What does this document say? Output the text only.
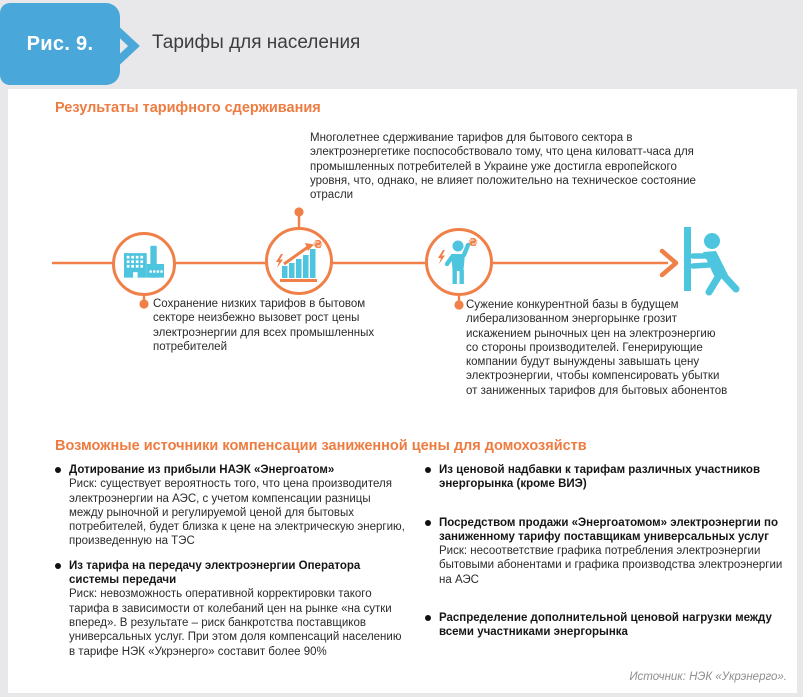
Рис. 9.	Тарифы для населения
Результаты тарифного сдерживания
Многолетнее сдерживание тарифов для бытового сектора в электроэнергетике поспособствовало тому, что цена киловатт-часа для промышленных потребителей в Украине уже достигла европейского уровня, что, однако, не влияет положительно на техническое состояние отрасли
₴	₴
Сохранение низких тарифов в бытовом секторе неизбежно вызовет рост цены электроэнергии для всех промышленных потребителей
Сужение конкурентной базы в будущем либерализованном энергорынке грозит искажением рыночных цен на электроэнергию со стороны производителей. Генерирующие компании будут вынуждены завышать цену электроэнергии, чтобы компенсировать убытки от заниженных тарифов для бытовых абонентов
Возможные источники компенсации заниженной цены для домохозяйств
Дотирование из прибыли НАЭК «Энергоатом»
Риск: существует вероятность того, что цена производителя электроэнергии на АЭС, с учетом компенсации разницы между рыночной и регулируемой ценой для бытовых потребителей, будет близка к цене на электрическую энергию, произведенную на ТЭС
Из тарифа на передачу электроэнергии Оператора системы передачи
Риск: невозможность оперативной корректировки такого тарифа в зависимости от колебаний цен на рынке «на сутки вперед». В результате – риск банкротства поставщиков универсальных услуг. При этом доля компенсаций населению в тарифе НЭК «Укрэнерго» составит более 90%
Из ценовой надбавки к тарифам различных участников энергорынка (кроме ВИЭ)
Посредством продажи «Энергоатомом» электроэнергии по заниженному тарифу поставщикам универсальных услуг
Риск: несоответствие графика потребления электроэнергии бытовыми абонентами и графика производства электроэнергии на АЭС
Распределение дополнительной ценовой нагрузки между всеми участниками энергорынка
Источник: НЭК «Укрэнерго».
